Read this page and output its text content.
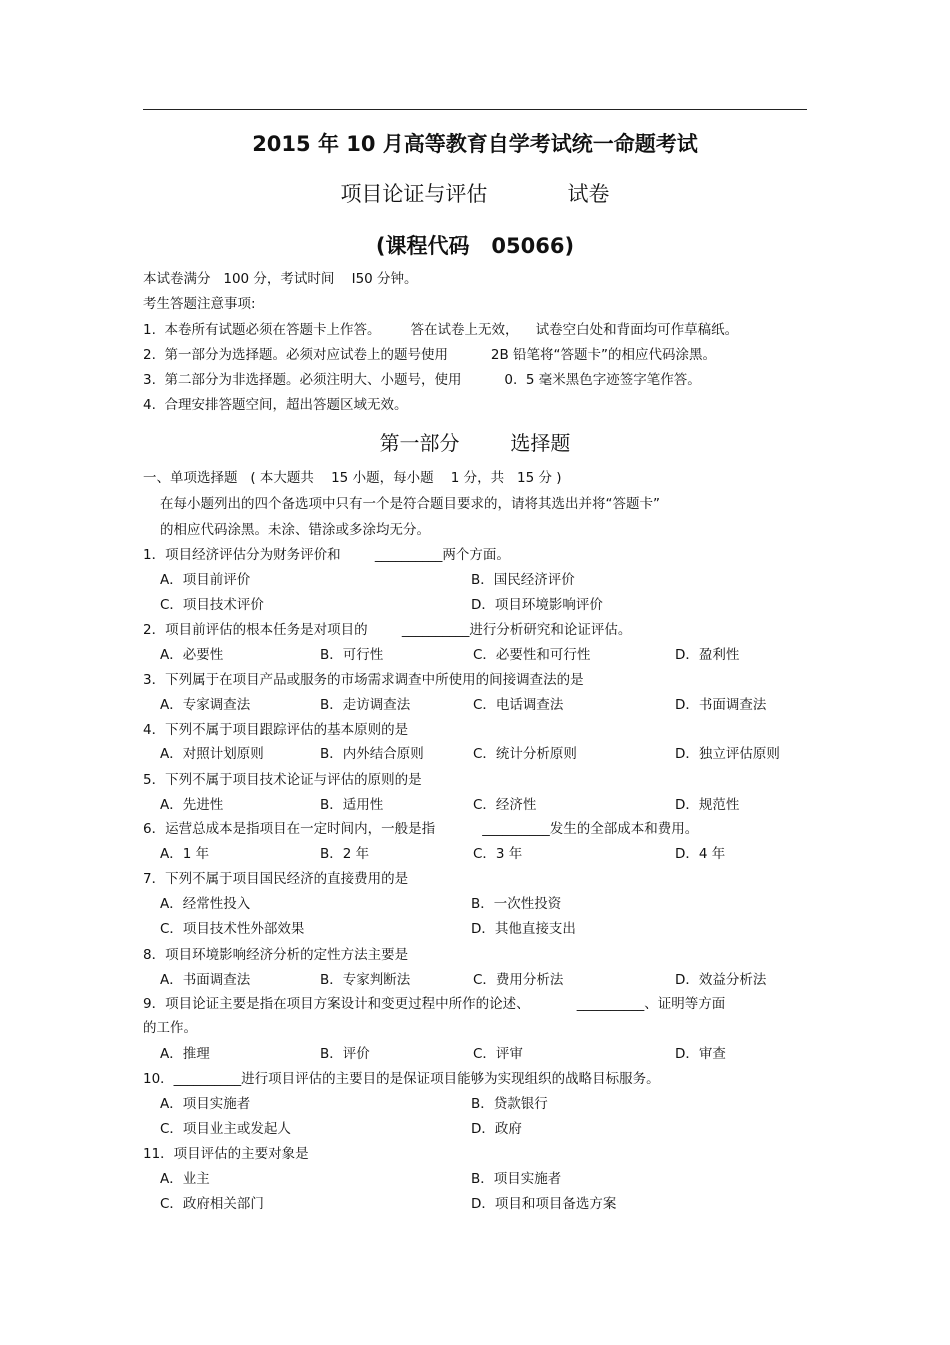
2015 年 10 月高等教育自学考试统一命题考试
项目论证与评估            试卷
(课程代码   05066)
本试卷满分   100 分，考试时间    I50 分钟。
考生答题注意事项:
1.  本卷所有试题必须在答题卡上作答。       答在试卷上无效，    试卷空白处和背面均可作草稿纸。
2.  第一部分为选择题。必须对应试卷上的题号使用          2B 铅笔将“答题卡”的相应代码涂黑。
3.  第二部分为非选择题。必须注明大、小题号，使用          0.  5 毫米黑色字迹签字笔作答。
4.  合理安排答题空间，超出答题区域无效。
第一部分        选择题
一、单项选择题   ( 本大题共    15 小题，每小题    1 分，共   15 分 )
在每小题列出的四个备选项中只有一个是符合题目要求的，请将其选出并将“答题卡”
的相应代码涂黑。未涂、错涂或多涂均无分。
1．项目经济评估分为财务评价和        __________两个方面。
A．项目前评价	B．国民经济评价
C．项目技术评价	D．项目环境影响评价
2．项目前评估的根本任务是对项目的        __________进行分析研究和论证评估。
A．必要性	B．可行性	C．必要性和可行性	D．盈利性
3．下列属于在项目产品或服务的市场需求调查中所使用的间接调查法的是
A．专家调查法	B．走访调查法	C．电话调查法	D．书面调查法
4．下列不属于项目跟踪评估的基本原则的是
A．对照计划原则	B．内外结合原则	C．统计分析原则	D．独立评估原则
5．下列不属于项目技术论证与评估的原则的是
A．先进性	B．适用性	C．经济性	D．规范性
6．运营总成本是指项目在一定时间内，一般是指           __________发生的全部成本和费用。
A．1 年	B．2 年	C．3 年	D．4 年
7．下列不属于项目国民经济的直接费用的是
A．经常性投入	B．一次性投资
C．项目技术性外部效果	D．其他直接支出
8．项目环境影响经济分析的定性方法主要是
A．书面调查法	B．专家判断法	C．费用分析法	D．效益分析法
9．项目论证主要是指在项目方案设计和变更过程中所作的论述、           __________、证明等方面
的工作。
A．推理	B．评价	C．评审	D．审查
10．__________进行项目评估的主要目的是保证项目能够为实现组织的战略目标服务。
A．项目实施者	B．贷款银行
C．项目业主或发起人	D．政府
11．项目评估的主要对象是
A．业主	B．项目实施者
C．政府相关部门	D．项目和项目备选方案
